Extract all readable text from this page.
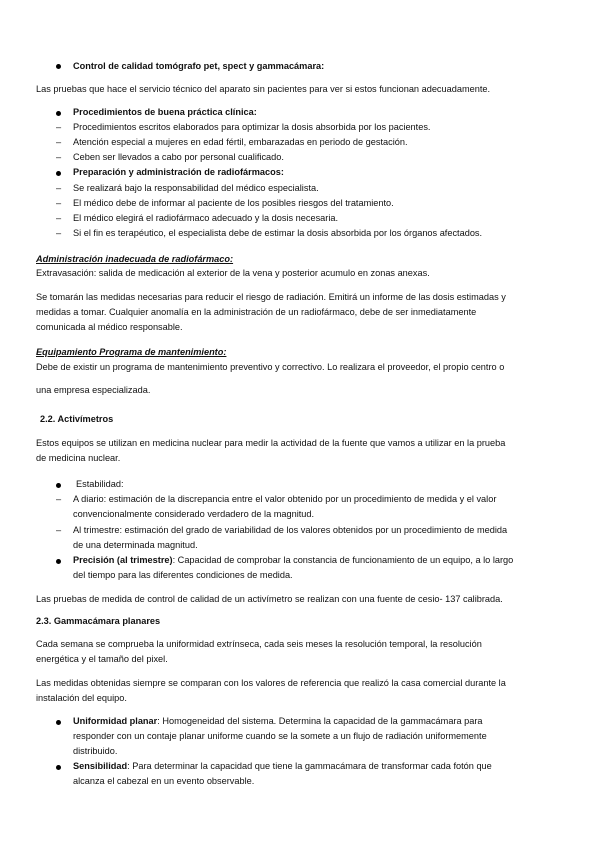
Control de calidad tomógrafo pet, spect y gammacámara:
Las pruebas que hace el servicio técnico del aparato sin pacientes para ver si estos funcionan adecuadamente.
Procedimientos de buena práctica clínica:
– Procedimientos escritos elaborados para optimizar la dosis absorbida por los pacientes.
– Atención especial a mujeres en edad fértil, embarazadas en periodo de gestación.
– Ceben ser llevados a cabo por personal cualificado.
Preparación y administración de radiofármacos:
– Se realizará bajo la responsabilidad del médico especialista.
– El médico debe de informar al paciente de los posibles riesgos del tratamiento.
– El médico elegirá el radiofármaco adecuado y la dosis necesaria.
– Si el fin es terapéutico, el especialista debe de estimar la dosis absorbida por los órganos afectados.
Administración inadecuada de radiofármaco:
Extravasación: salida de medicación al exterior de la vena y posterior acumulo en zonas anexas.
Se tomarán las medidas necesarias para reducir el riesgo de radiación. Emitirá un informe de las dosis estimadas y
medidas a tomar. Cualquier anomalía en la administración de un radiofármaco, debe de ser inmediatamente
comunicada al médico responsable.
Equipamiento Programa de mantenimiento:
Debe de existir un programa de mantenimiento preventivo y correctivo. Lo realizara el proveedor, el propio centro o
una empresa especializada.
2.2. Activímetros
Estos equipos se utilizan en medicina nuclear para medir la actividad de la fuente que vamos a utilizar en la prueba
de medicina nuclear.
Estabilidad:
– A diario: estimación de la discrepancia entre el valor obtenido por un procedimiento de medida y el valor
convencionalmente considerado verdadero de la magnitud.
– Al trimestre: estimación del grado de variabilidad de los valores obtenidos por un procedimiento de medida
de una determinada magnitud.
Precisión (al trimestre): Capacidad de comprobar la constancia de funcionamiento de un equipo, a lo largo
del tiempo para las diferentes condiciones de medida.
Las pruebas de medida de control de calidad de un activímetro se realizan con una fuente de cesio- 137 calibrada.
2.3. Gammacámara planares
Cada semana se comprueba la uniformidad extrínseca, cada seis meses la resolución temporal, la resolución
energética y el tamaño del pixel.
Las medidas obtenidas siempre se comparan con los valores de referencia que realizó la casa comercial durante la
instalación del equipo.
Uniformidad planar: Homogeneidad del sistema. Determina la capacidad de la gammacámara para
responder con un contaje planar uniforme cuando se la somete a un flujo de radiación uniformemente
distribuido.
Sensibilidad: Para determinar la capacidad que tiene la gammacámara de transformar cada fotón que
alcanza el cabezal en un evento observable.
